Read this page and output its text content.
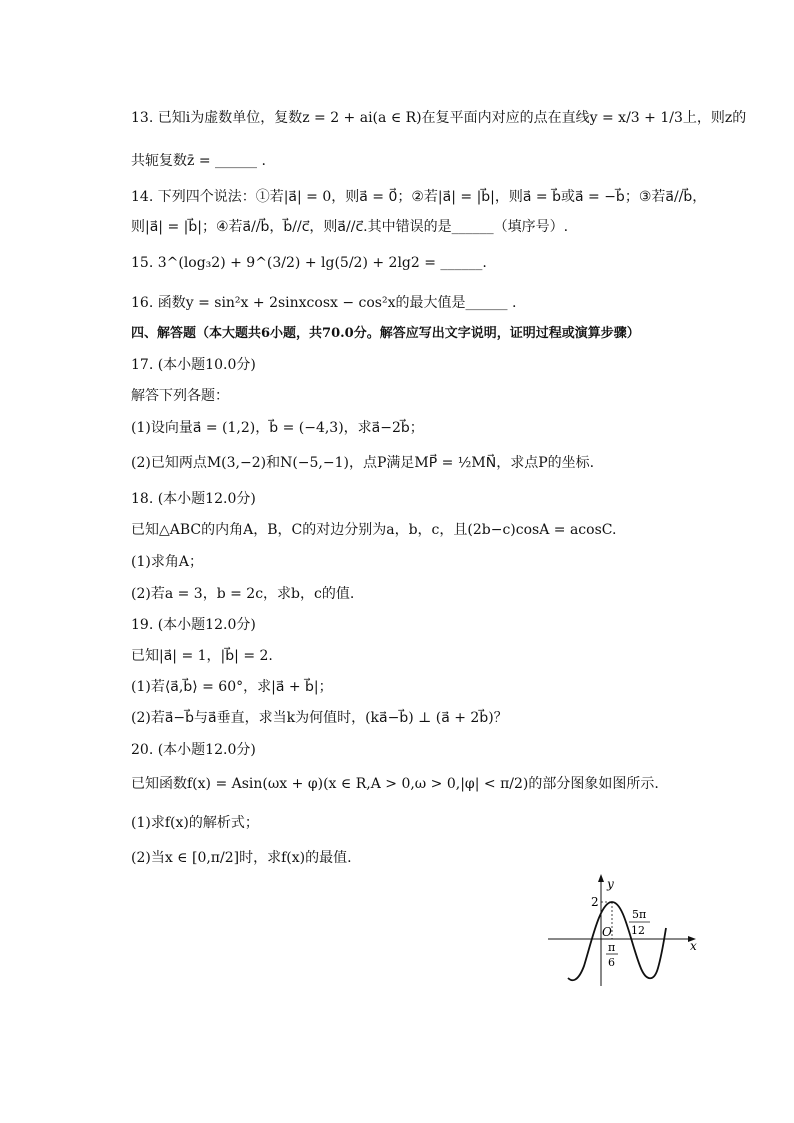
13. 已知i为虚数单位，复数z = 2 + ai(a ∈ R)在复平面内对应的点在直线y = x/3 + 1/3上，则z的
共轭复数z̄ = ______ .
14. 下列四个说法：①若|a⃗| = 0，则a⃗ = 0⃗；②若|a⃗| = |b⃗|，则a⃗ = b⃗或a⃗ = −b⃗；③若a⃗//b⃗，
则|a⃗| = |b⃗|；④若a⃗//b⃗，b⃗//c⃗，则a⃗//c⃗.其中错误的是______（填序号）.
15. 3^(log₃2) + 9^(3/2) + lg(5/2) + 2lg2 = ______.
16. 函数y = sin²x + 2sinxcosx − cos²x的最大值是______ .
四、解答题（本大题共6小题，共70.0分。解答应写出文字说明，证明过程或演算步骤）
17. (本小题10.0分)
解答下列各题：
(1)设向量a⃗ = (1,2)，b⃗ = (−4,3)，求a⃗−2b⃗；
(2)已知两点M(3,−2)和N(−5,−1)，点P满足MP⃗ = ½MN⃗，求点P的坐标.
18. (本小题12.0分)
已知△ABC的内角A，B，C的对边分别为a，b，c，且(2b−c)cosA = acosC.
(1)求角A；
(2)若a = 3，b = 2c，求b，c的值.
19. (本小题12.0分)
已知|a⃗| = 1，|b⃗| = 2.
(1)若⟨a⃗,b⃗⟩ = 60°，求|a⃗ + b⃗|；
(2)若a⃗−b⃗与a⃗垂直，求当k为何值时，(ka⃗−b⃗) ⊥ (a⃗ + 2b⃗)？
20. (本小题12.0分)
已知函数f(x) = Asin(ωx + φ)(x ∈ R,A > 0,ω > 0,|φ| < π/2)的部分图象如图所示.
(1)求f(x)的解析式；
(2)当x ∈ [0,π/2]时，求f(x)的最值.
y
x
2
O
π
6
5π
12
